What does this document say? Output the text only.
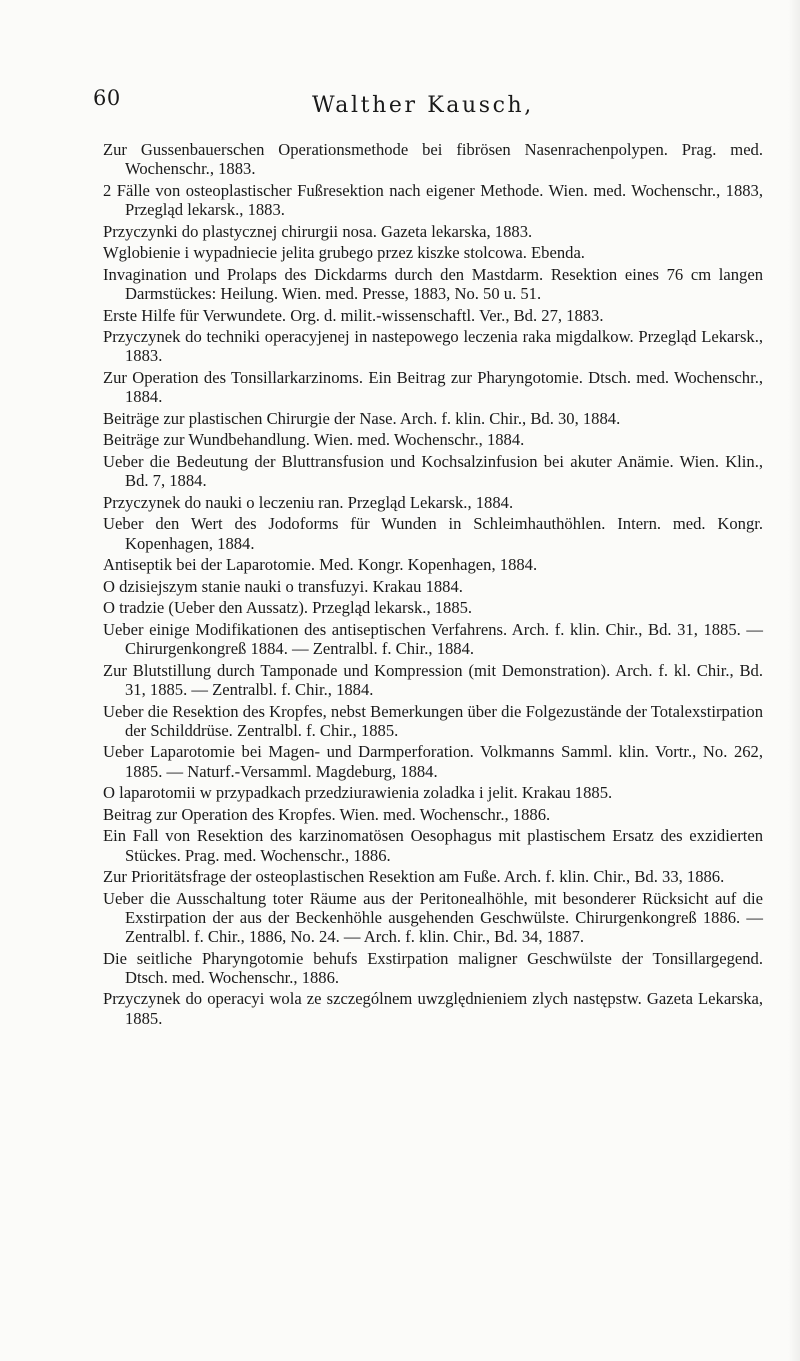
60	Walther Kausch,
Zur Gussenbauerschen Operationsmethode bei fibrösen Nasenrachenpolypen. Prag. med. Wochenschr., 1883.
2 Fälle von osteoplastischer Fußresektion nach eigener Methode. Wien. med. Wochenschr., 1883, Przegląd lekarsk., 1883.
Przyczynki do plastycznej chirurgii nosa. Gazeta lekarska, 1883.
Wglobienie i wypadniecie jelita grubego przez kiszke stolcowa. Ebenda.
Invagination und Prolaps des Dickdarms durch den Mastdarm. Resektion eines 76 cm langen Darmstückes: Heilung. Wien. med. Presse, 1883, No. 50 u. 51.
Erste Hilfe für Verwundete. Org. d. milit.-wissenschaftl. Ver., Bd. 27, 1883.
Przyczynek do techniki operacyjenej in nastepowego leczenia raka migdalkow. Przegląd Lekarsk., 1883.
Zur Operation des Tonsillarkarzinoms. Ein Beitrag zur Pharyngotomie. Dtsch. med. Wochenschr., 1884.
Beiträge zur plastischen Chirurgie der Nase. Arch. f. klin. Chir., Bd. 30, 1884.
Beiträge zur Wundbehandlung. Wien. med. Wochenschr., 1884.
Ueber die Bedeutung der Bluttransfusion und Kochsalzinfusion bei akuter Anämie. Wien. Klin., Bd. 7, 1884.
Przyczynek do nauki o leczeniu ran. Przegląd Lekarsk., 1884.
Ueber den Wert des Jodoforms für Wunden in Schleimhauthöhlen. Intern. med. Kongr. Kopenhagen, 1884.
Antiseptik bei der Laparotomie. Med. Kongr. Kopenhagen, 1884.
O dzisiejszym stanie nauki o transfuzyi. Krakau 1884.
O tradzie (Ueber den Aussatz). Przegląd lekarsk., 1885.
Ueber einige Modifikationen des antiseptischen Verfahrens. Arch. f. klin. Chir., Bd. 31, 1885. — Chirurgenkongreß 1884. — Zentralbl. f. Chir., 1884.
Zur Blutstillung durch Tamponade und Kompression (mit Demonstration). Arch. f. kl. Chir., Bd. 31, 1885. — Zentralbl. f. Chir., 1884.
Ueber die Resektion des Kropfes, nebst Bemerkungen über die Folgezustände der Totalexstirpation der Schilddrüse. Zentralbl. f. Chir., 1885.
Ueber Laparotomie bei Magen- und Darmperforation. Volkmanns Samml. klin. Vortr., No. 262, 1885. — Naturf.-Versamml. Magdeburg, 1884.
O laparotomii w przypadkach przedziurawienia zoladka i jelit. Krakau 1885.
Beitrag zur Operation des Kropfes. Wien. med. Wochenschr., 1886.
Ein Fall von Resektion des karzinomatösen Oesophagus mit plastischem Ersatz des exzidierten Stückes. Prag. med. Wochenschr., 1886.
Zur Prioritätsfrage der osteoplastischen Resektion am Fuße. Arch. f. klin. Chir., Bd. 33, 1886.
Ueber die Ausschaltung toter Räume aus der Peritonealhöhle, mit besonderer Rücksicht auf die Exstirpation der aus der Beckenhöhle ausgehenden Geschwülste. Chirurgenkongreß 1886. — Zentralbl. f. Chir., 1886, No. 24. — Arch. f. klin. Chir., Bd. 34, 1887.
Die seitliche Pharyngotomie behufs Exstirpation maligner Geschwülste der Tonsillargegend. Dtsch. med. Wochenschr., 1886.
Przyczynek do operacyi wola ze szczególnem uwzględnieniem zlych następstw. Gazeta Lekarska, 1885.
